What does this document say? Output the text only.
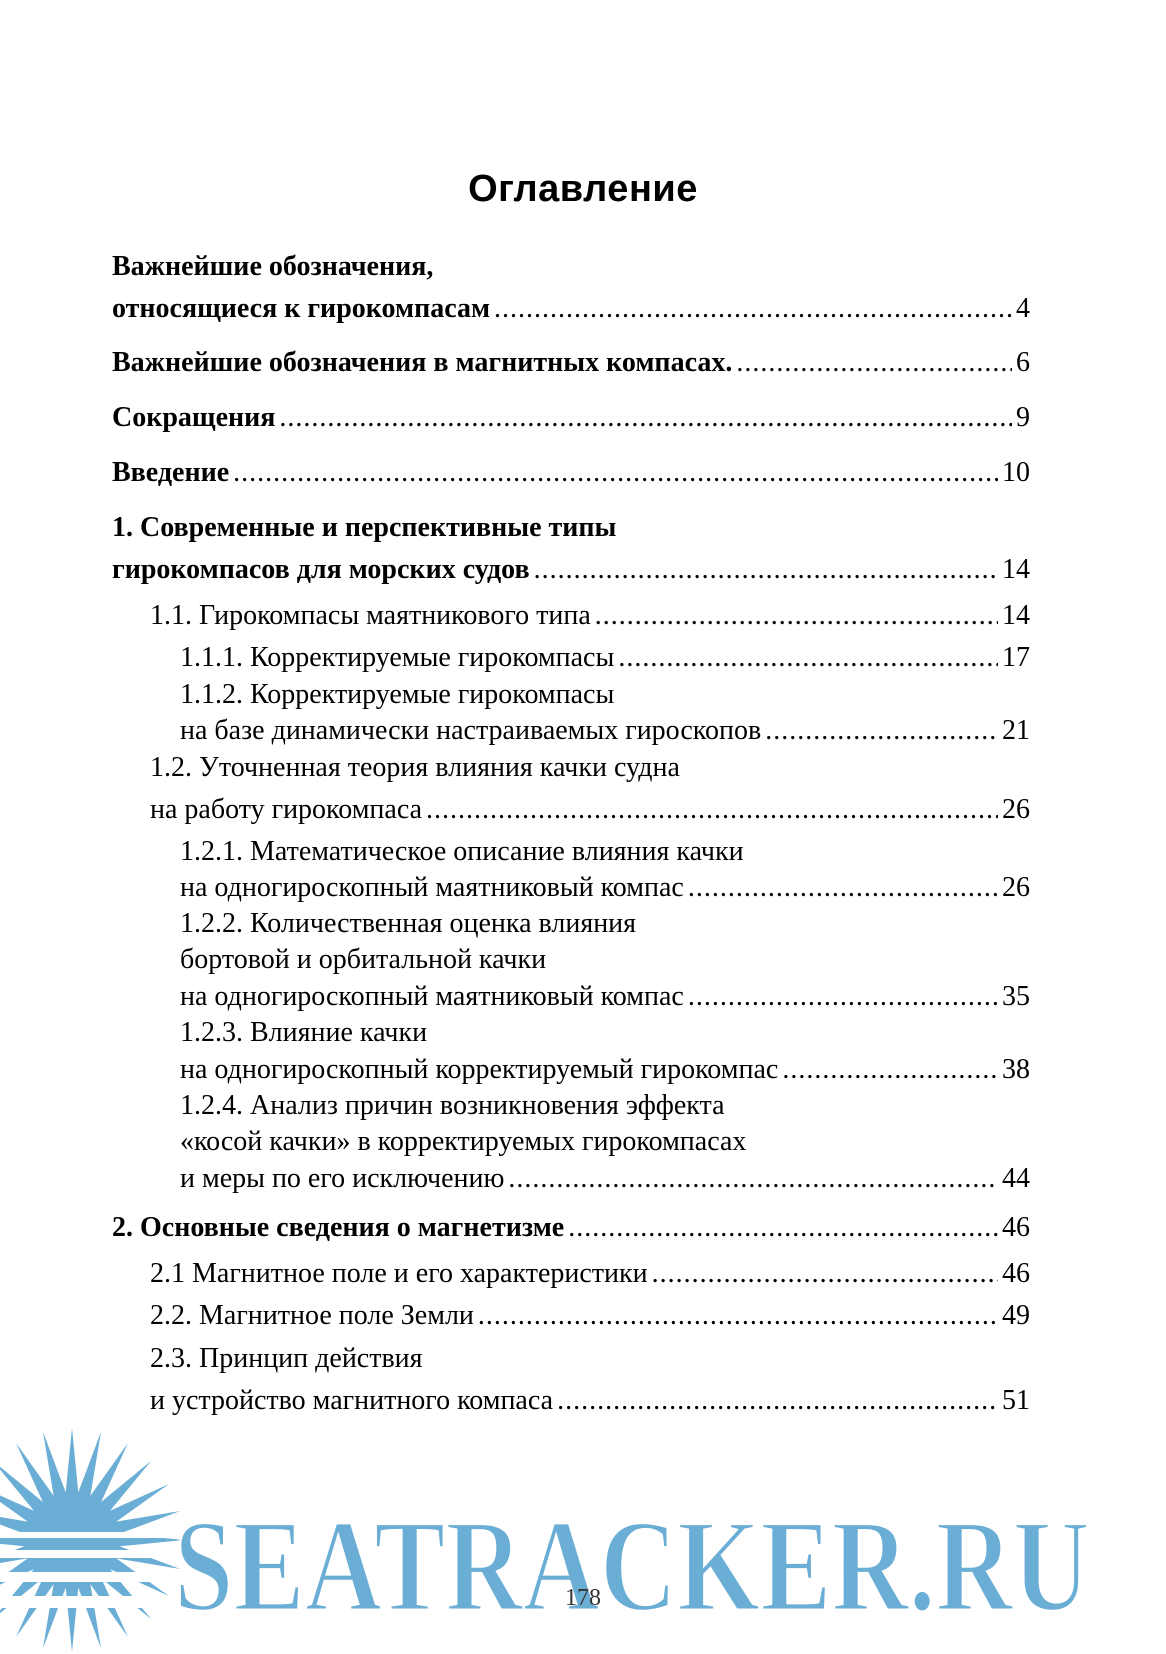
Оглавление
Важнейшие обозначения,
относящиеся к гирокомпасам .....	4
Важнейшие обозначения в магнитных компасах. .....	6
Сокращения .....	9
Введение .....	10
1. Современные и перспективные типы
гирокомпасов для морских судов .....	14
1.1. Гирокомпасы маятникового типа .....	14
1.1.1. Корректируемые гирокомпасы .....	17
1.1.2. Корректируемые гирокомпасы
на базе динамически настраиваемых гироскопов .....	21
1.2. Уточненная теория влияния качки судна
на работу гирокомпаса .....	26
1.2.1. Математическое описание влияния качки
на одногироскопный маятниковый компас .....	26
1.2.2. Количественная оценка влияния
бортовой и орбитальной качки
на одногироскопный маятниковый компас .....	35
1.2.3. Влияние качки
на одногироскопный корректируемый гирокомпас .....	38
1.2.4. Анализ причин возникновения эффекта
«косой качки» в корректируемых гирокомпасах
и меры по его исключению .....	44
2. Основные сведения о магнетизме .....	46
2.1 Магнитное поле и его характеристики .....	46
2.2. Магнитное поле Земли .....	49
2.3. Принцип действия
и устройство магнитного компаса .....	51
SEATRACKER.RU
178
